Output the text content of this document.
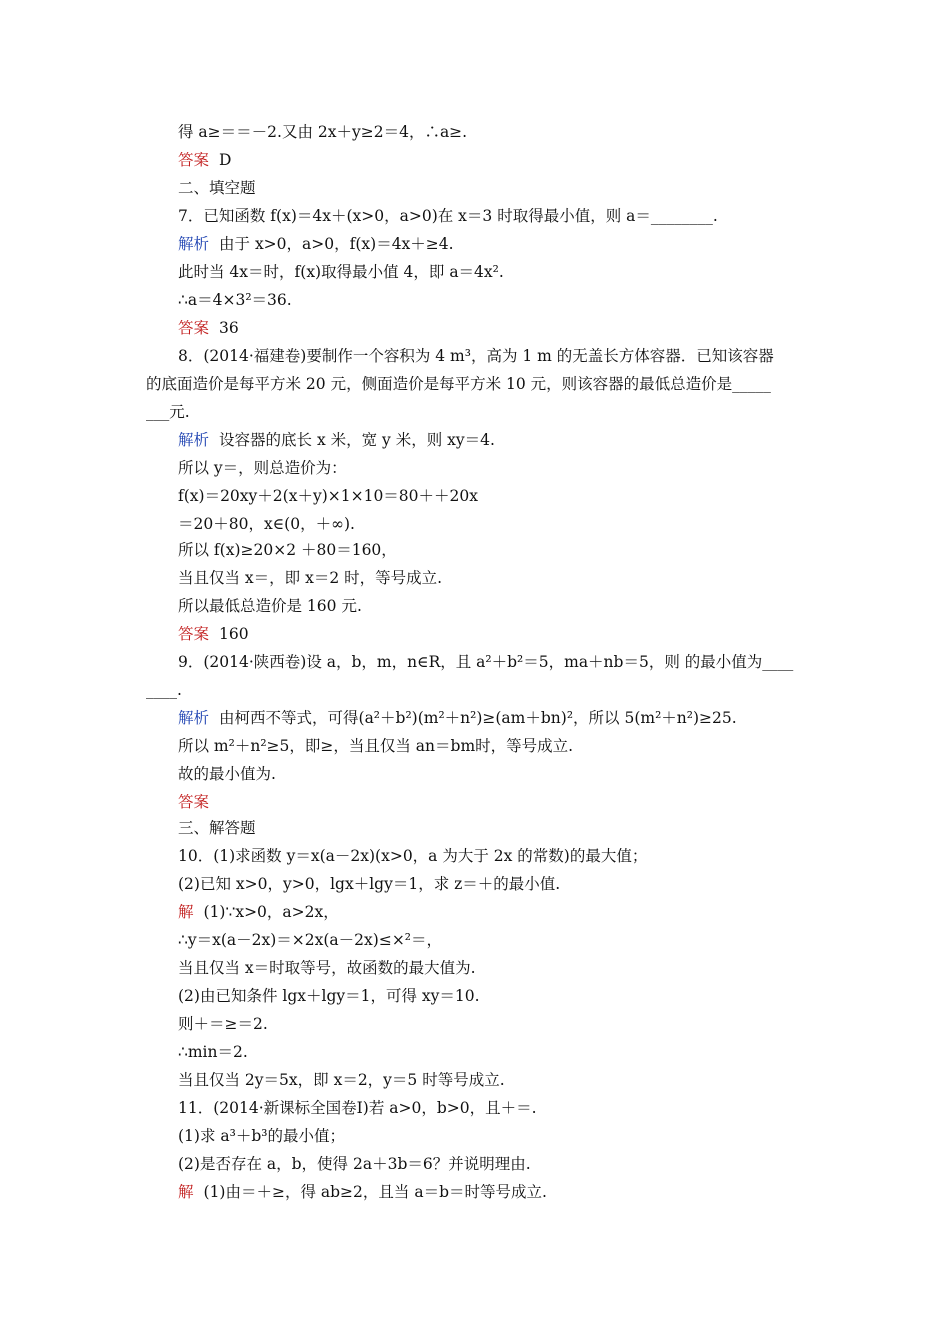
得 a≥＝＝－2.又由 2x＋y≥2＝4，∴a≥.
答案 D
二、填空题
7．已知函数 f(x)＝4x＋(x>0，a>0)在 x＝3 时取得最小值，则 a＝________.
解析 由于 x>0，a>0，f(x)＝4x＋≥4.
此时当 4x＝时，f(x)取得最小值 4，即 a＝4x².
∴a＝4×3²＝36.
答案 36
8．(2014·福建卷)要制作一个容积为 4 m³，高为 1 m 的无盖长方体容器．已知该容器
的底面造价是每平方米 20 元，侧面造价是每平方米 10 元，则该容器的最低总造价是_____
___元.
解析 设容器的底长 x 米，宽 y 米，则 xy＝4.
所以 y＝，则总造价为：
f(x)＝20xy＋2(x＋y)×1×10＝80＋＋20x
＝20＋80，x∈(0，＋∞).
所以 f(x)≥20×2 ＋80＝160，
当且仅当 x＝，即 x＝2 时，等号成立.
所以最低总造价是 160 元.
答案 160
9．(2014·陕西卷)设 a，b，m，n∈R，且 a²＋b²＝5，ma＋nb＝5，则 的最小值为____
____.
解析 由柯西不等式，可得(a²＋b²)(m²＋n²)≥(am＋bn)²，所以 5(m²＋n²)≥25.
所以 m²＋n²≥5，即≥，当且仅当 an＝bm时，等号成立.
故的最小值为.
答案
三、解答题
10．(1)求函数 y＝x(a－2x)(x>0，a 为大于 2x 的常数)的最大值；
(2)已知 x>0，y>0，lgx＋lgy＝1，求 z＝＋的最小值.
解 (1)∵x>0，a>2x，
∴y＝x(a－2x)＝×2x(a－2x)≤×²＝，
当且仅当 x＝时取等号，故函数的最大值为.
(2)由已知条件 lgx＋lgy＝1，可得 xy＝10.
则＋＝≥＝2.
∴min＝2.
当且仅当 2y＝5x，即 x＝2，y＝5 时等号成立.
11．(2014·新课标全国卷Ⅰ)若 a>0，b>0，且＋＝.
(1)求 a³＋b³的最小值；
(2)是否存在 a，b，使得 2a＋3b＝6？并说明理由.
解 (1)由＝＋≥，得 ab≥2，且当 a＝b＝时等号成立.
